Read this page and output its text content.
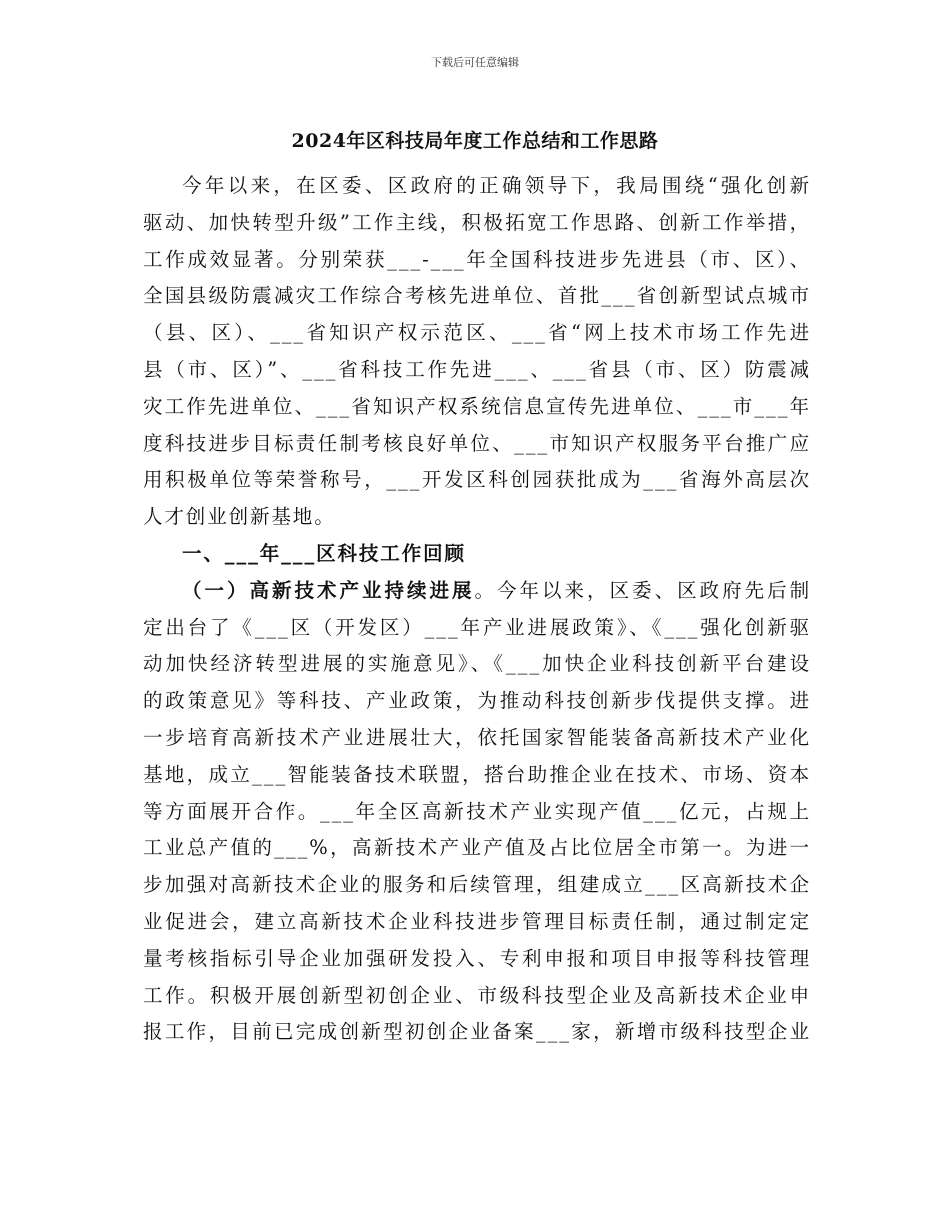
下载后可任意编辑
2024年区科技局年度工作总结和工作思路
今年以来，在区委、区政府的正确领导下，我局围绕“强化创新
驱动、加快转型升级”工作主线，积极拓宽工作思路、创新工作举措，
工作成效显著。分别荣获___-___年全国科技进步先进县（市、区）、
全国县级防震减灾工作综合考核先进单位、首批___省创新型试点城市
（县、区）、___省知识产权示范区、___省“网上技术市场工作先进
县（市、区）”、___省科技工作先进___、___省县（市、区）防震减
灾工作先进单位、___省知识产权系统信息宣传先进单位、___市___年
度科技进步目标责任制考核良好单位、___市知识产权服务平台推广应
用积极单位等荣誉称号，___开发区科创园获批成为___省海外高层次
人才创业创新基地。
一、___年___区科技工作回顾
（一）高新技术产业持续进展。今年以来，区委、区政府先后制
定出台了《___区（开发区）___年产业进展政策》、《___强化创新驱
动加快经济转型进展的实施意见》、《___加快企业科技创新平台建设
的政策意见》等科技、产业政策，为推动科技创新步伐提供支撑。进
一步培育高新技术产业进展壮大，依托国家智能装备高新技术产业化
基地，成立___智能装备技术联盟，搭台助推企业在技术、市场、资本
等方面展开合作。___年全区高新技术产业实现产值___亿元，占规上
工业总产值的___%，高新技术产业产值及占比位居全市第一。为进一
步加强对高新技术企业的服务和后续管理，组建成立___区高新技术企
业促进会，建立高新技术企业科技进步管理目标责任制，通过制定定
量考核指标引导企业加强研发投入、专利申报和项目申报等科技管理
工作。积极开展创新型初创企业、市级科技型企业及高新技术企业申
报工作，目前已完成创新型初创企业备案___家，新增市级科技型企业
